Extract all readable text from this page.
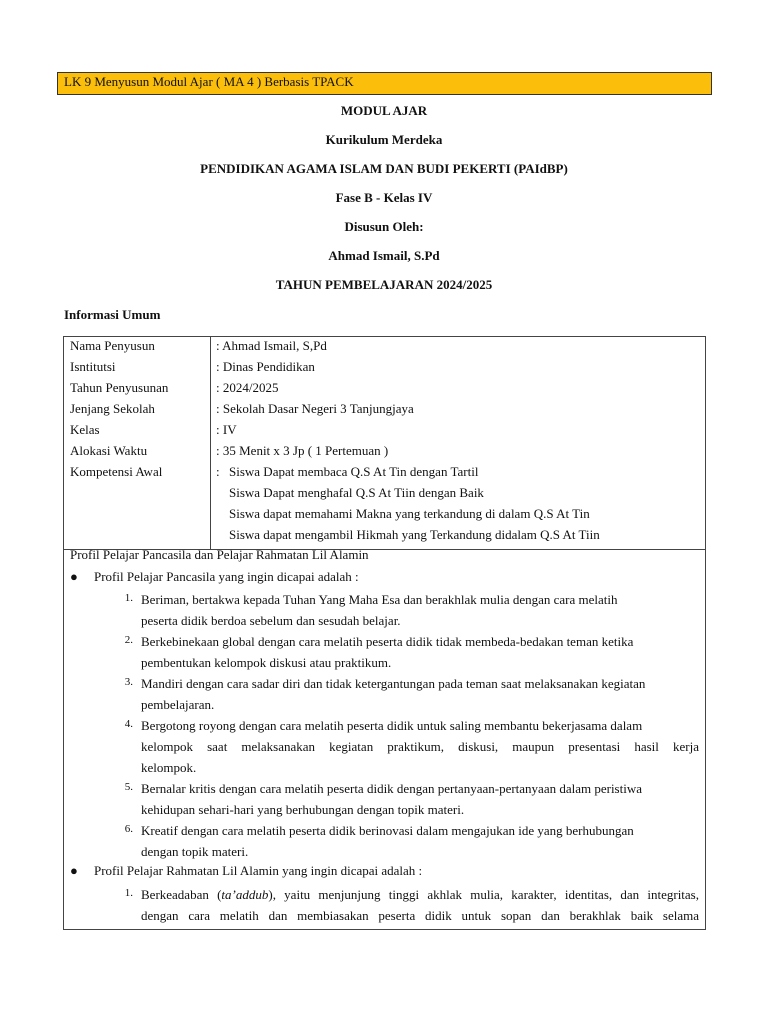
LK 9 Menyusun Modul Ajar ( MA 4 ) Berbasis TPACK
MODUL AJAR
Kurikulum Merdeka
PENDIDIKAN AGAMA ISLAM DAN BUDI PEKERTI (PAIdBP)
Fase B - Kelas IV
Disusun Oleh:
Ahmad Ismail, S.Pd
TAHUN PEMBELAJARAN 2024/2025
Informasi Umum
Nama Penyusun	: Ahmad Ismail, S,Pd
Isntitutsi	: Dinas Pendidikan
Tahun Penyusunan	: 2024/2025
Jenjang Sekolah	: Sekolah Dasar Negeri 3 Tanjungjaya
Kelas	: IV
Alokasi Waktu	: 35 Menit x 3 Jp ( 1 Pertemuan )
Kompetensi Awal	: Siswa Dapat membaca Q.S At Tin dengan Tartil
Siswa Dapat menghafal Q.S At Tiin dengan Baik
Siswa dapat memahami Makna yang terkandung di dalam Q.S At Tin
Siswa dapat mengambil Hikmah yang Terkandung didalam Q.S At Tiin
Profil Pelajar Pancasila dan Pelajar Rahmatan Lil Alamin
● Profil Pelajar Pancasila yang ingin dicapai adalah :
1. Beriman, bertakwa kepada Tuhan Yang Maha Esa dan berakhlak mulia dengan cara melatih
peserta didik berdoa sebelum dan sesudah belajar.
2. Berkebinekaan global dengan cara melatih peserta didik tidak membeda-bedakan teman ketika
pembentukan kelompok diskusi atau praktikum.
3. Mandiri dengan cara sadar diri dan tidak ketergantungan pada teman saat melaksanakan kegiatan
pembelajaran.
4. Bergotong royong dengan cara melatih peserta didik untuk saling membantu bekerjasama dalam
kelompok saat melaksanakan kegiatan praktikum, diskusi, maupun presentasi hasil kerja
kelompok.
5. Bernalar kritis dengan cara melatih peserta didik dengan pertanyaan-pertanyaan dalam peristiwa
kehidupan sehari-hari yang berhubungan dengan topik materi.
6. Kreatif dengan cara melatih peserta didik berinovasi dalam mengajukan ide yang berhubungan
dengan topik materi.
● Profil Pelajar Rahmatan Lil Alamin yang ingin dicapai adalah :
1. Berkeadaban (ta’addub), yaitu menjunjung tinggi akhlak mulia, karakter, identitas, dan integritas,
dengan cara melatih dan membiasakan peserta didik untuk sopan dan berakhlak baik selama
